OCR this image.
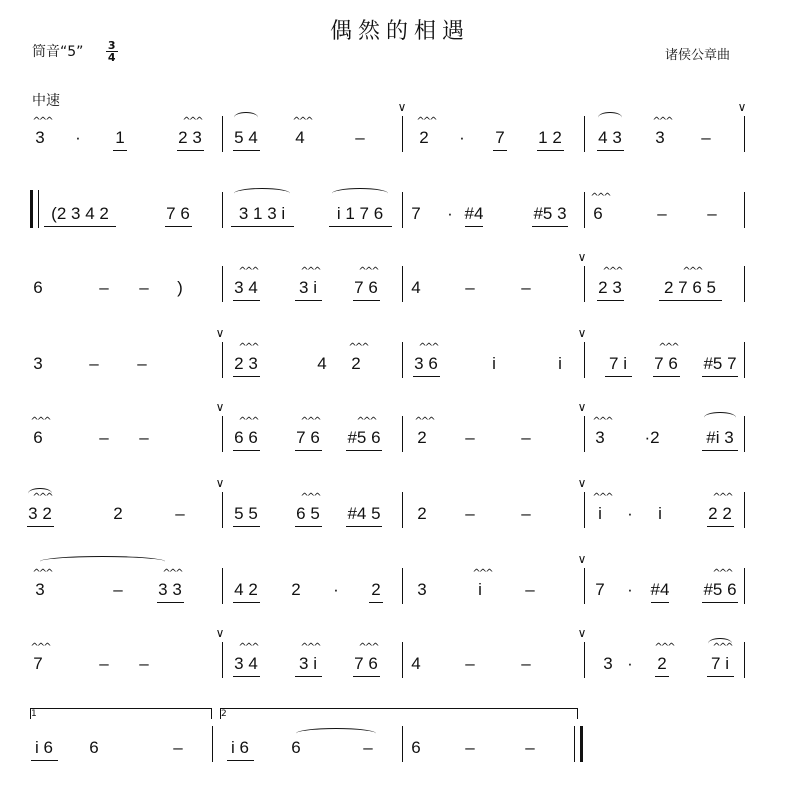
偶然的相遇
筒音“5” $\frac{3}{4}$
中速
诸侯公章曲
^^^
3 · 1
^^^
2 3 5 4
^^^
4	–
∨
^^^
2 · 7 1 2 4 3
^^^
3 –
∨
(2 3 4 2	7 6	3 1 3 i	i 1 7 6 7 · #4	#5 3
^^^
6	– –
6	– – )
^^^
3 4
^^^
3 i
^^^
7 6 4	–	–
∨
^^^
2 3
^^^
2 7 6 5
3	– –
∨
^^^
2 3	4
^^^
2
^^^
3 6	i	i
∨
7 i
^^^
7 6 #5 7
^^^
6	– –
∨
^^^
6 6
^^^
7 6
^^^
#5 6
^^^
2 –	–
∨
^^^
3 ·2	#i 3
^^^
3 2	2	–
∨
5 5
^^^
6 5 #4 5 2 –	–
∨
^^^
i · i
^^^
2 2
^^^
3	–
^^^
3 3	4 2 2 · 2 3
^^^
i	–
∨
7 · #4
^^^
#5 6
^^^
7	– –
∨
^^^
3 4
^^^
3 i
^^^
7 6 4	–	–
∨
3 ·
^^^
2
^^^
7 i
1
i 6 6	–
2
i 6 6	– 6	–	–
